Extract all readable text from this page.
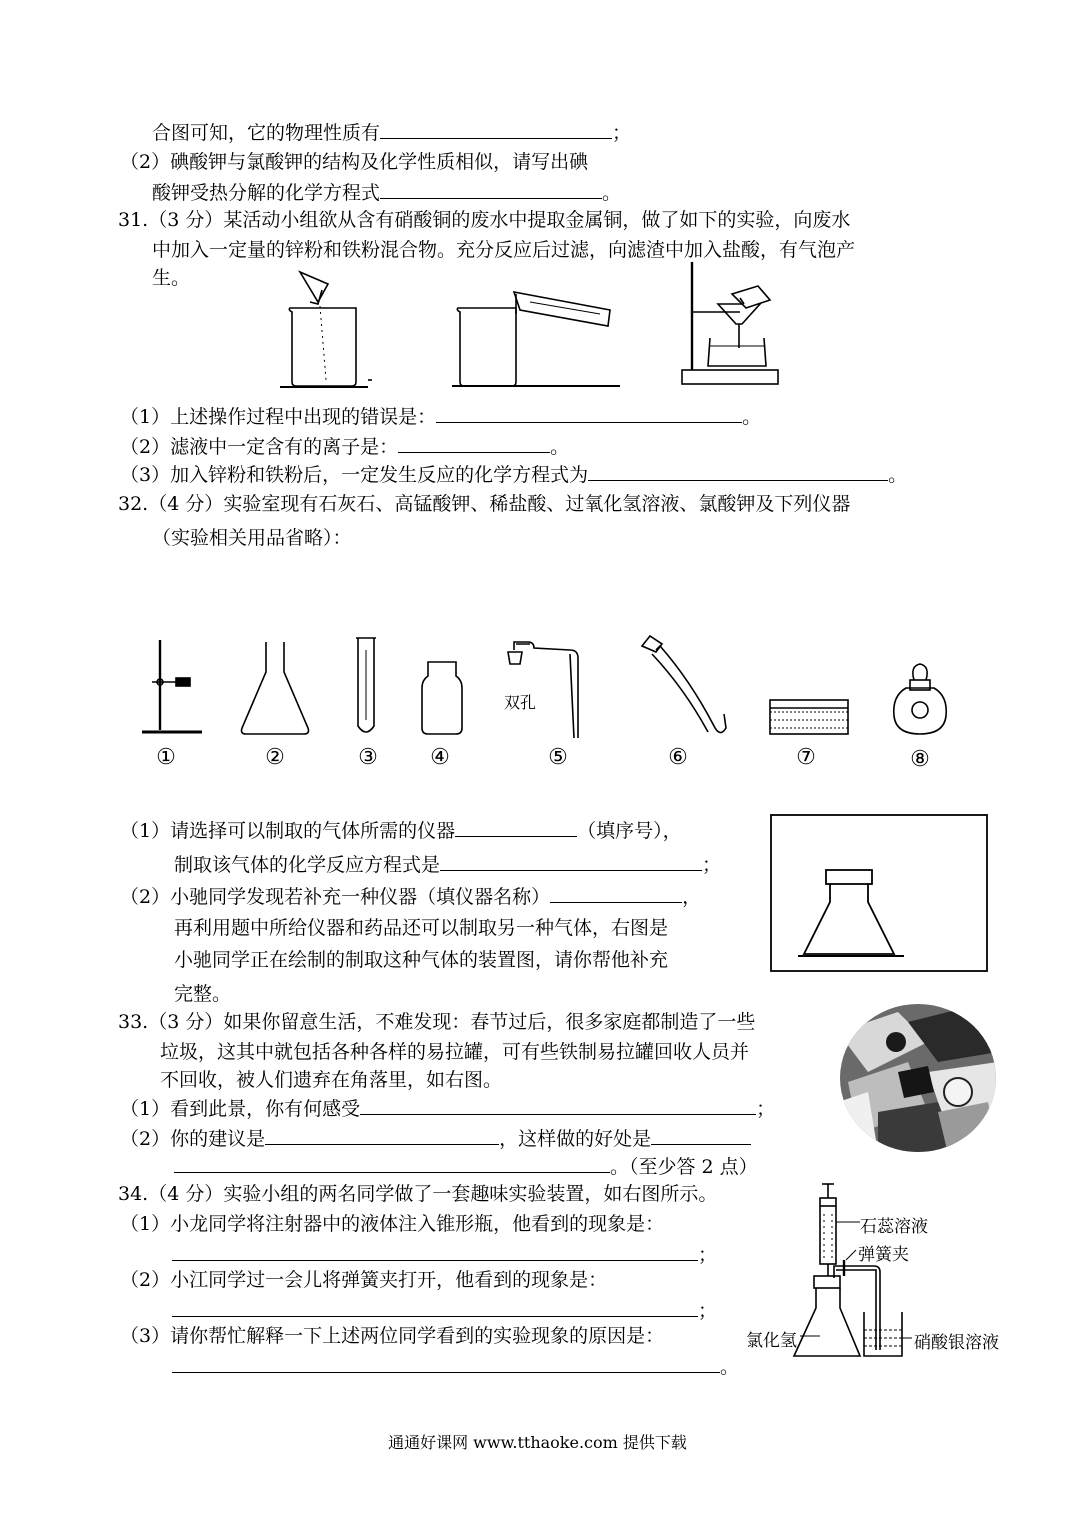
合图可知，它的物理性质有	；
（2）碘酸钾与氯酸钾的结构及化学性质相似，请写出碘
酸钾受热分解的化学方程式	。
31.（3 分）某活动小组欲从含有硝酸铜的废水中提取金属铜，做了如下的实验，向废水
中加入一定量的锌粉和铁粉混合物。充分反应后过滤，向滤渣中加入盐酸，有气泡产
生。
（1）上述操作过程中出现的错误是：	。
（2）滤液中一定含有的离子是：	。
（3）加入锌粉和铁粉后，一定发生反应的化学方程式为	。
32.（4 分）实验室现有石灰石、高锰酸钾、稀盐酸、过氧化氢溶液、氯酸钾及下列仪器
（实验相关用品省略）：
双孔
①	②	③ ④	⑤	⑥	⑦	⑧
（1）请选择可以制取的气体所需的仪器	（填序号），
制取该气体的化学反应方程式是	；
（2）小驰同学发现若补充一种仪器（填仪器名称）	，
再利用题中所给仪器和药品还可以制取另一种气体，右图是
小驰同学正在绘制的制取这种气体的装置图，请你帮他补充
完整。
33.（3 分）如果你留意生活，不难发现：春节过后，很多家庭都制造了一些
垃圾，这其中就包括各种各样的易拉罐，可有些铁制易拉罐回收人员并
不回收，被人们遗弃在角落里，如右图。
（1）看到此景，你有何感受	；
（2）你的建议是	，这样做的好处是
。（至少答 2 点）
34.（4 分）实验小组的两名同学做了一套趣味实验装置，如右图所示。
（1）小龙同学将注射器中的液体注入锥形瓶，他看到的现象是：
；
（2）小江同学过一会儿将弹簧夹打开，他看到的现象是：
；
（3）请你帮忙解释一下上述两位同学看到的实验现象的原因是：
。
石蕊溶液
弹簧夹
氯化氢	硝酸银溶液
通通好课网 www.tthaoke.com 提供下载
